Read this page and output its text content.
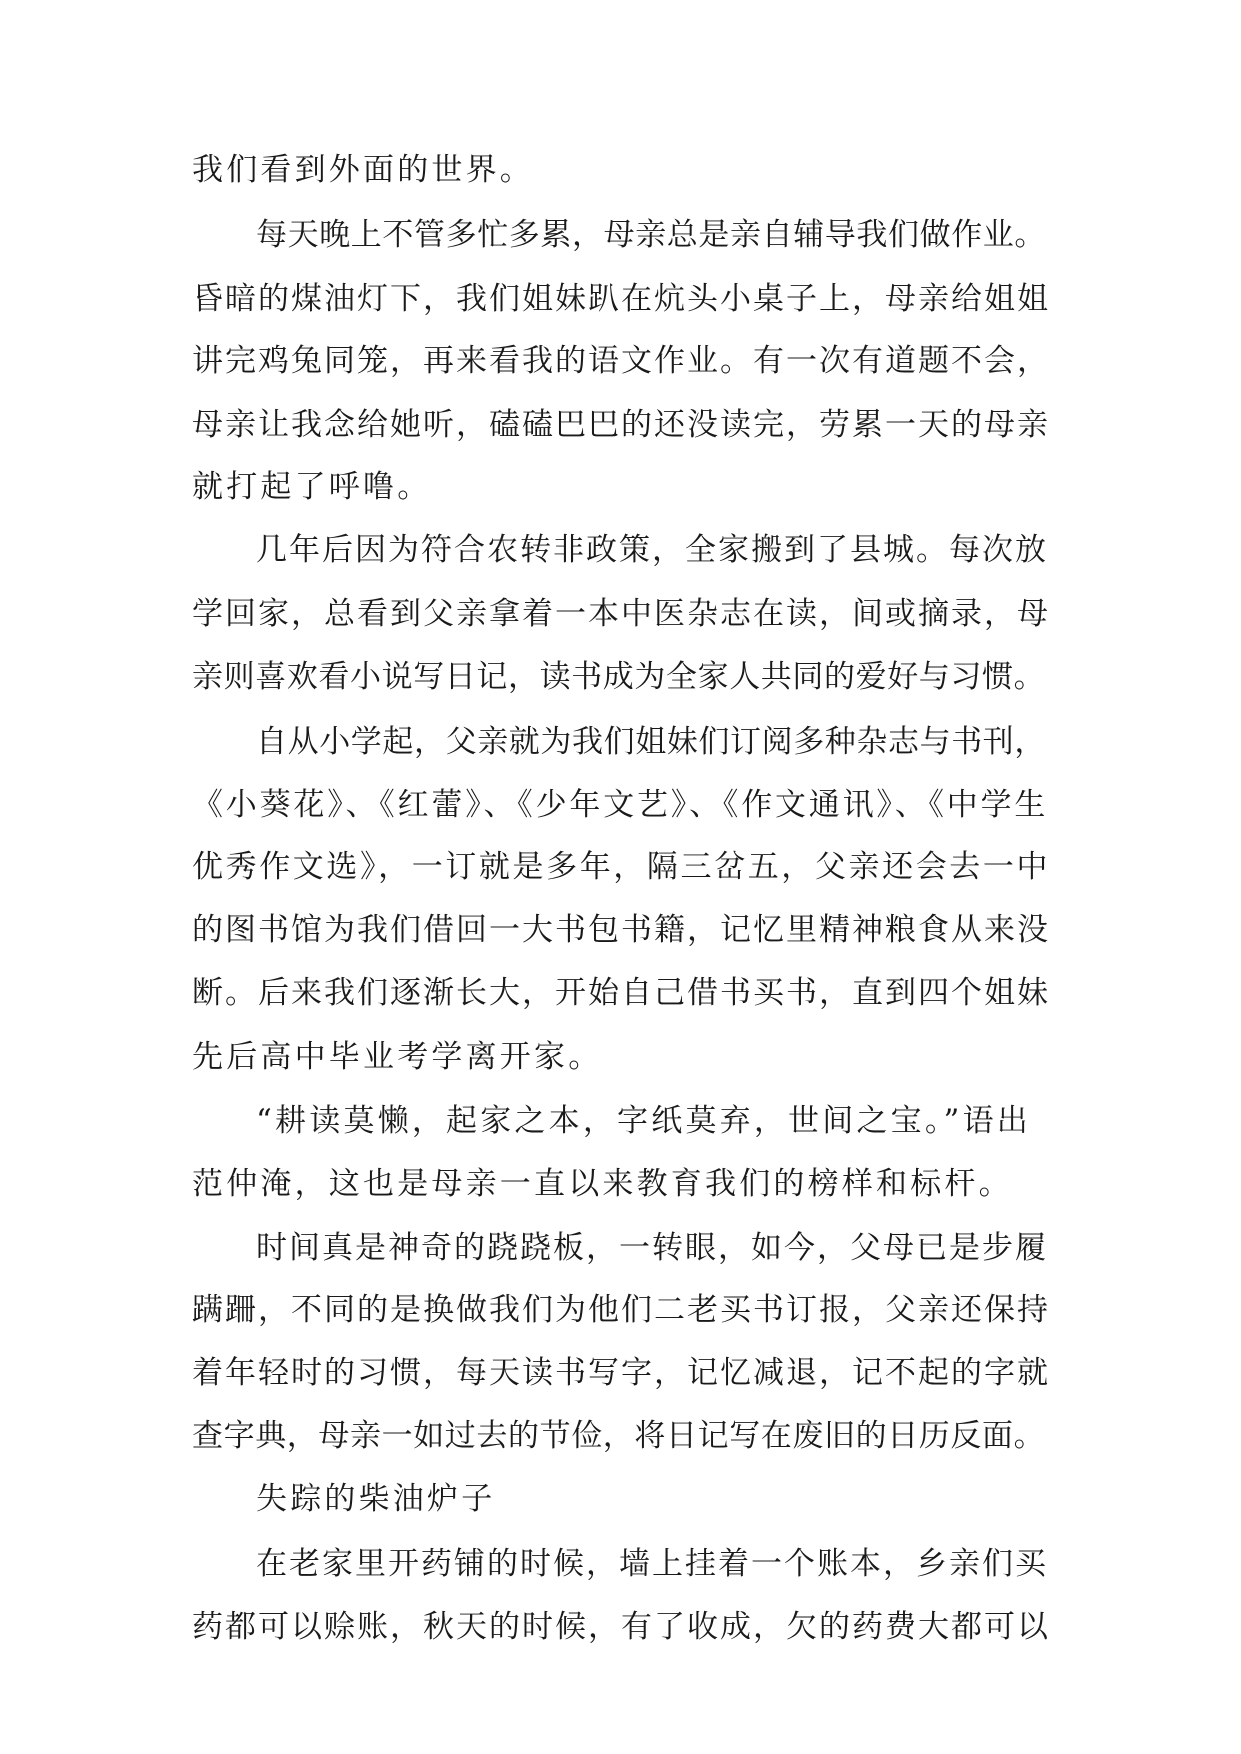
我们看到外面的世界。
每天晚上不管多忙多累，母亲总是亲自辅导我们做作业。
昏暗的煤油灯下，我们姐妹趴在炕头小桌子上，母亲给姐姐
讲完鸡兔同笼，再来看我的语文作业。有一次有道题不会，
母亲让我念给她听，磕磕巴巴的还没读完，劳累一天的母亲
就打起了呼噜。
几年后因为符合农转非政策，全家搬到了县城。每次放
学回家，总看到父亲拿着一本中医杂志在读，间或摘录，母
亲则喜欢看小说写日记，读书成为全家人共同的爱好与习惯。
自从小学起，父亲就为我们姐妹们订阅多种杂志与书刊，
《小葵花》、《红蕾》、《少年文艺》、《作文通讯》、《中学生
优秀作文选》，一订就是多年，隔三岔五，父亲还会去一中
的图书馆为我们借回一大书包书籍，记忆里精神粮食从来没
断。后来我们逐渐长大，开始自己借书买书，直到四个姐妹
先后高中毕业考学离开家。
“耕读莫懒，起家之本，字纸莫弃，世间之宝。”语出
范仲淹，这也是母亲一直以来教育我们的榜样和标杆。
时间真是神奇的跷跷板，一转眼，如今，父母已是步履
蹒跚，不同的是换做我们为他们二老买书订报，父亲还保持
着年轻时的习惯，每天读书写字，记忆减退，记不起的字就
查字典，母亲一如过去的节俭，将日记写在废旧的日历反面。
失踪的柴油炉子
在老家里开药铺的时候，墙上挂着一个账本，乡亲们买
药都可以赊账，秋天的时候，有了收成，欠的药费大都可以
